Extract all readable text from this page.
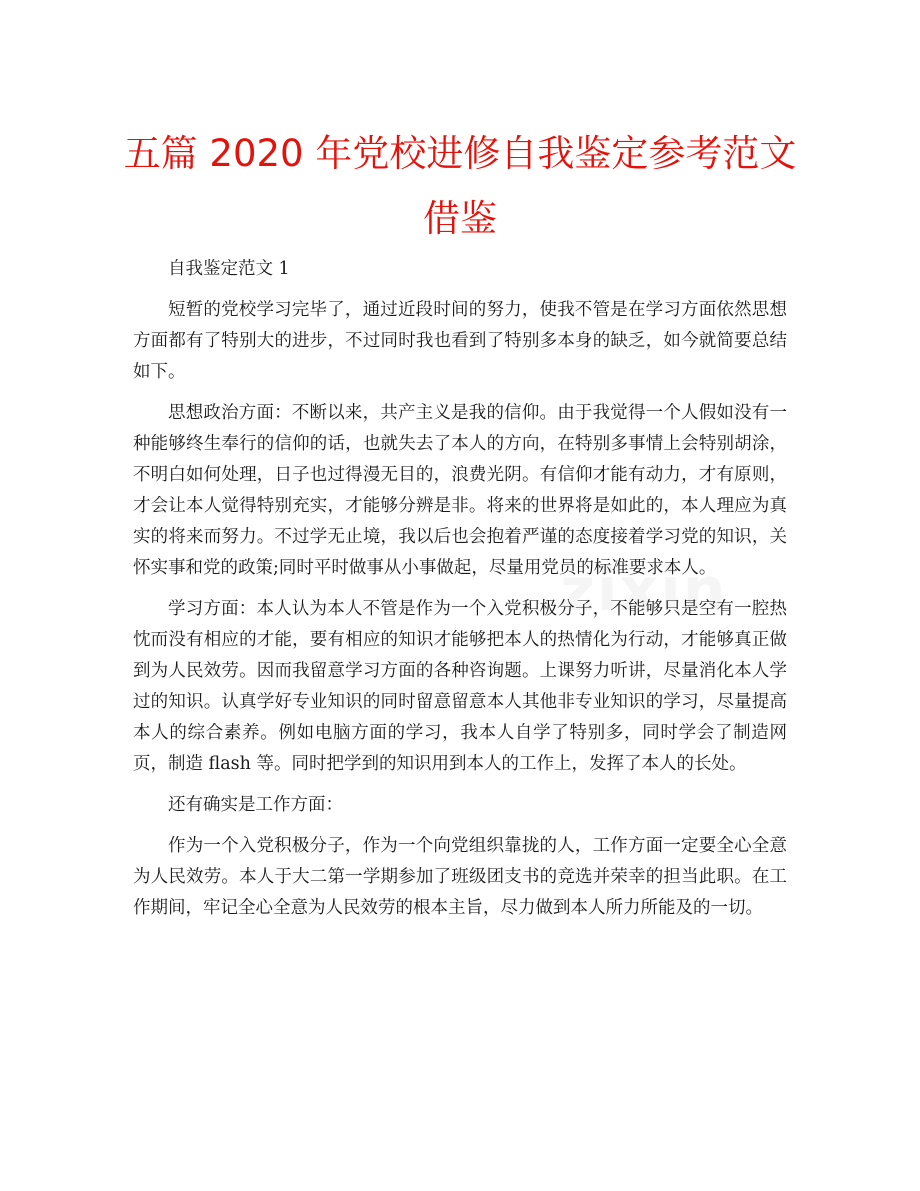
五篇 2020 年党校进修自我鉴定参考范文
借鉴
zixin

自我鉴定范文 1

短暂的党校学习完毕了，通过近段时间的努力，使我不管是在学习方面依然思想方面都有了特别大的进步，不过同时我也看到了特别多本身的缺乏，如今就简要总结如下。

思想政治方面：不断以来，共产主义是我的信仰。由于我觉得一个人假如没有一种能够终生奉行的信仰的话，也就失去了本人的方向，在特别多事情上会特别胡涂，不明白如何处理，日子也过得漫无目的，浪费光阴。有信仰才能有动力，才有原则，才会让本人觉得特别充实，才能够分辨是非。将来的世界将是如此的，本人理应为真实的将来而努力。不过学无止境，我以后也会抱着严谨的态度接着学习党的知识，关怀实事和党的政策;同时平时做事从小事做起，尽量用党员的标准要求本人。

学习方面：本人认为本人不管是作为一个入党积极分子，不能够只是空有一腔热忱而没有相应的才能，要有相应的知识才能够把本人的热情化为行动，才能够真正做到为人民效劳。因而我留意学习方面的各种咨询题。上课努力听讲，尽量消化本人学过的知识。认真学好专业知识的同时留意留意本人其他非专业知识的学习，尽量提高本人的综合素养。例如电脑方面的学习，我本人自学了特别多，同时学会了制造网页，制造 flash 等。同时把学到的知识用到本人的工作上，发挥了本人的长处。

还有确实是工作方面：

作为一个入党积极分子，作为一个向党组织靠拢的人，工作方面一定要全心全意为人民效劳。本人于大二第一学期参加了班级团支书的竞选并荣幸的担当此职。在工作期间，牢记全心全意为人民效劳的根本主旨，尽力做到本人所力所能及的一切。
